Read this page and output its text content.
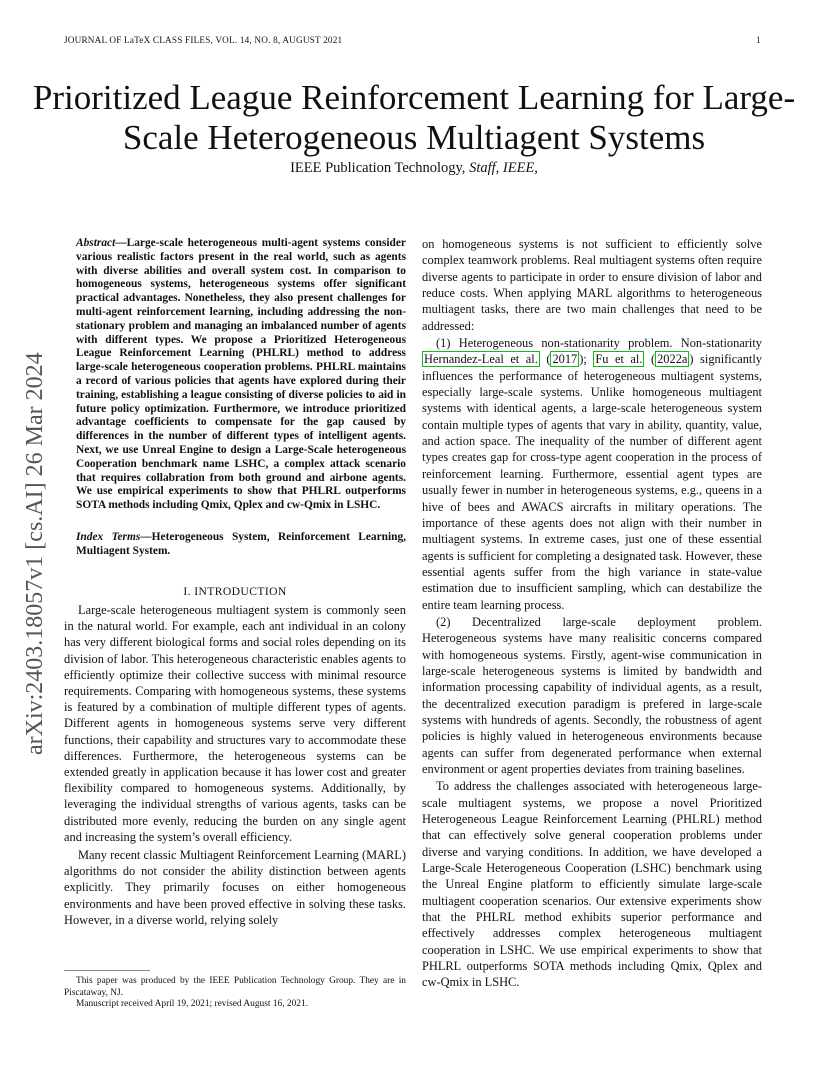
JOURNAL OF LaTeX CLASS FILES, VOL. 14, NO. 8, AUGUST 2021	1
Prioritized League Reinforcement Learning for Large-Scale Heterogeneous Multiagent Systems
IEEE Publication Technology, Staff, IEEE,
arXiv:2403.18057v1 [cs.AI] 26 Mar 2024
Abstract—Large-scale heterogeneous multi-agent systems consider various realistic factors present in the real world, such as agents with diverse abilities and overall system cost. In comparison to homogeneous systems, heterogeneous systems offer significant practical advantages. Nonetheless, they also present challenges for multi-agent reinforcement learning, including addressing the non-stationary problem and managing an imbalanced number of agents with different types. We propose a Prioritized Heterogeneous League Reinforcement Learning (PHLRL) method to address large-scale heterogeneous cooperation problems. PHLRL maintains a record of various policies that agents have explored during their training, establishing a league consisting of diverse policies to aid in future policy optimization. Furthermore, we introduce prioritized advantage coefficients to compensate for the gap caused by differences in the number of different types of intelligent agents. Next, we use Unreal Engine to design a Large-Scale heterogeneous Cooperation benchmark name LSHC, a complex attack scenario that requires collabration from both ground and airbone agents. We use empirical experiments to show that PHLRL outperforms SOTA methods including Qmix, Qplex and cw-Qmix in LSHC.
Index Terms—Heterogeneous System, Reinforcement Learning, Multiagent System.
I. INTRODUCTION

Large-scale heterogeneous multiagent system is commonly seen in the natural world. For example, each ant individual in an colony has very different biological forms and social roles depending on its division of labor. This heterogeneous characteristic enables agents to efficiently optimize their collective success with minimal resource requirements. Comparing with homogeneous systems, these systems is featured by a combination of multiple different types of agents. Different agents in homogeneous systems serve very different functions, their capability and structures vary to accommodate these differences. Furthermore, the heterogeneous systems can be extended greatly in application because it has lower cost and greater flexibility compared to homogeneous systems. Additionally, by leveraging the individual strengths of various agents, tasks can be distributed more evenly, reducing the burden on any single agent and increasing the system’s overall efficiency.

Many recent classic Multiagent Reinforcement Learning (MARL) algorithms do not consider the ability distinction between agents explicitly. They primarily focuses on either homogeneous environments and have been proved effective in solving these tasks. However, in a diverse world, relying solely

on homogeneous systems is not sufficient to efficiently solve complex teamwork problems. Real multiagent systems often require diverse agents to participate in order to ensure division of labor and reduce costs. When applying MARL algorithms to heterogeneous multiagent tasks, there are two main challenges that need to be addressed:

(1) Heterogeneous non-stationarity problem. Non-stationarity Hernandez-Leal et al. ( 2017 ); Fu et al. ( 2022a ) significantly influences the performance of heterogeneous multiagent systems, especially large-scale systems. Unlike homogeneous multiagent systems with identical agents, a large-scale heterogeneous system contain multiple types of agents that vary in ability, quantity, value, and action space. The inequality of the number of different agent types creates gap for cross-type agent cooperation in the process of reinforcement learning. Furthermore, essential agent types are usually fewer in number in heterogeneous systems, e.g., queens in a hive of bees and AWACS aircrafts in military operations. The importance of these agents does not align with their number in multiagent systems. In extreme cases, just one of these essential agents is sufficient for completing a designated task. However, these essential agents suffer from the high variance in state-value estimation due to insufficient sampling, which can destabilize the entire team learning process.

(2) Decentralized large-scale deployment problem. Heterogeneous systems have many realisitic concerns compared with homogeneous systems. Firstly, agent-wise communication in large-scale heterogeneous systems is limited by bandwidth and information processing capability of individual agents, as a result, the decentralized execution paradigm is prefered in large-scale systems with hundreds of agents. Secondly, the robustness of agent policies is highly valued in heterogeneous environments because agents can suffer from degenerated performance when external environment or agent properties deviates from training baselines.

To address the challenges associated with heterogeneous large-scale multiagent systems, we propose a novel Prioritized Heterogeneous League Reinforcement Learning (PHLRL) method that can effectively solve general cooperation problems under diverse and varying conditions. In addition, we have developed a Large-Scale Heterogeneous Cooperation (LSHC) benchmark using the Unreal Engine platform to efficiently simulate large-scale multiagent cooperation scenarios. Our extensive experiments show that the PHLRL method exhibits superior performance and effectively addresses complex heterogeneous multiagent cooperation in LSHC. We use empirical experiments to show that PHLRL outperforms SOTA methods including Qmix, Qplex and cw-Qmix in LSHC.

This paper was produced by the IEEE Publication Technology Group. They are in Piscataway, NJ.

Manuscript received April 19, 2021; revised August 16, 2021.
